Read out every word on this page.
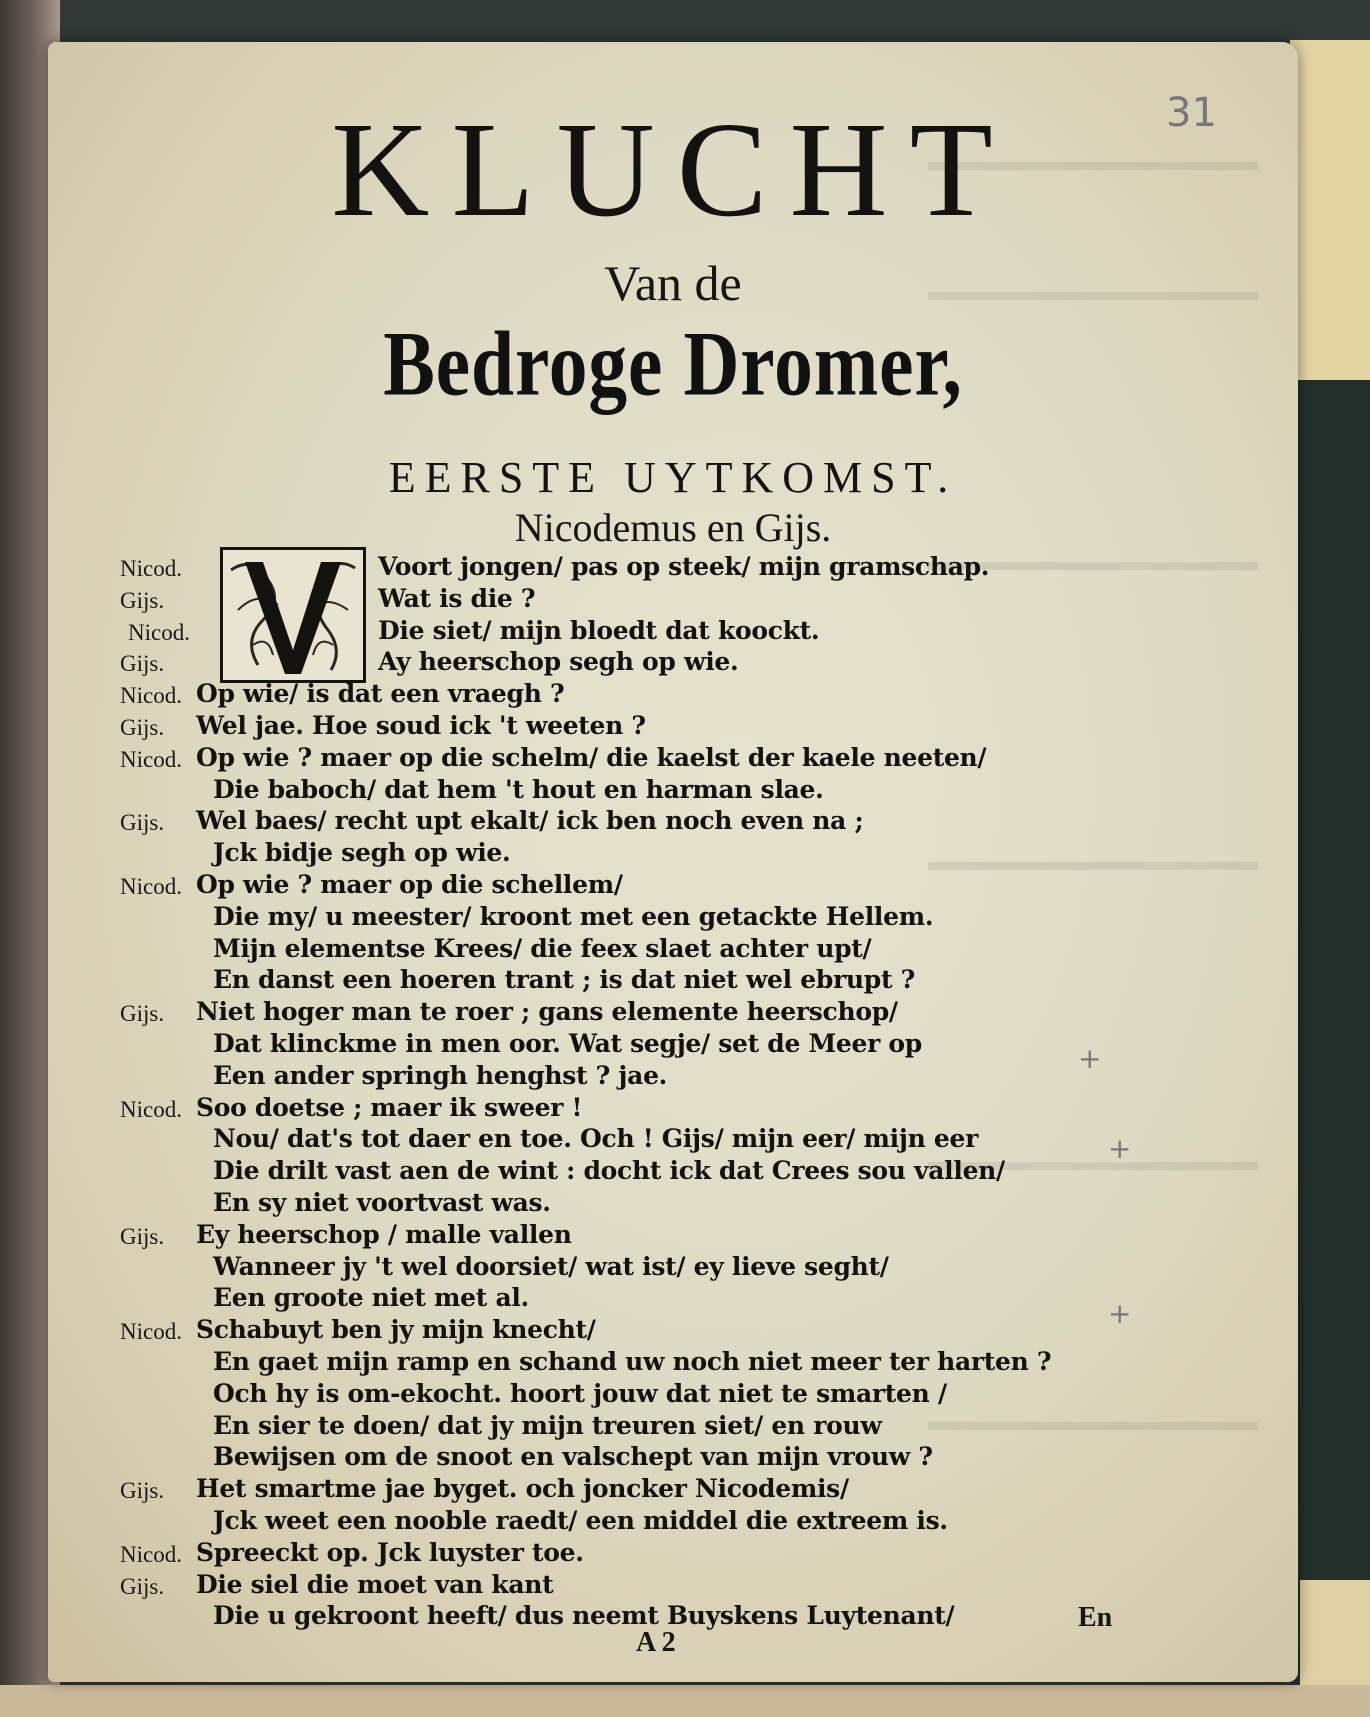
KLUCHT
Van de
Bedroge Dromer,
EERSTE UYTKOMST.
Nicodemus en Gijs.
Nicod.	Voort jongen/ pas op steek/ mijn gramschap.
Gijs.	Wat is die ?
Nicod.	Die siet/ mijn bloedt dat koockt.
Gijs.	Ay heerschop segh op wie.
Nicod. Op wie/ is dat een vraegh ?
Gijs. Wel jae. Hoe soud ick 't weeten ?
Nicod. Op wie ? maer op die schelm/ die kaelst der kaele neeten/
Die baboch/ dat hem 't hout en harman slae.
Gijs. Wel baes/ recht upt ekalt/ ick ben noch even na ;
Jck bidje segh op wie.
Nicod. Op wie ? maer op die schellem/
Die my/ u meester/ kroont met een getackte Hellem.
Mijn elementse Krees/ die feex slaet achter upt/
En danst een hoeren trant ; is dat niet wel ebrupt ?
Gijs. Niet hoger man te roer ; gans elemente heerschop/
Dat klinckme in men oor. Wat segje/ set de Meer op
Een ander springh henghst ? jae.
Nicod. Soo doetse ; maer ik sweer !
Nou/ dat's tot daer en toe. Och ! Gijs/ mijn eer/ mijn eer
Die drilt vast aen de wint : docht ick dat Crees sou vallen/
En sy niet voortvast was.
Gijs. Ey heerschop / malle vallen
Wanneer jy 't wel doorsiet/ wat ist/ ey lieve seght/
Een groote niet met al.
Nicod. Schabuyt ben jy mijn knecht/
En gaet mijn ramp en schand uw noch niet meer ter harten ?
Och hy is om-ekocht. hoort jouw dat niet te smarten /
En sier te doen/ dat jy mijn treuren siet/ en rouw
Bewijsen om de snoot en valschept van mijn vrouw ?
Gijs. Het smartme jae byget. och joncker Nicodemis/
Jck weet een nooble raedt/ een middel die extreem is.
Nicod. Spreeckt op. Jck luyster toe.
Gijs. Die siel die moet van kant
Die u gekroont heeft/ dus neemt Buyskens Luytenant/
A 2
En
31
+
+
+
